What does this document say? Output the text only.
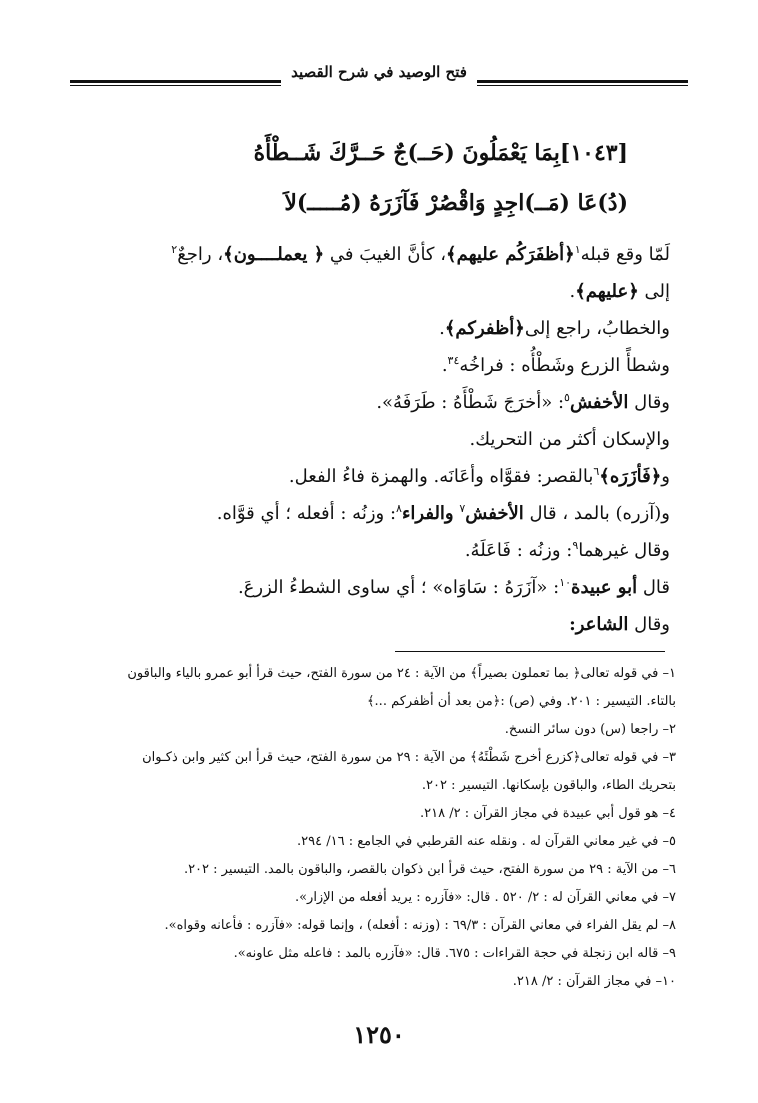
فتح الوصيد في شرح القصيد
[١٠٤٣]بِمَا يَعْمَلُونَ (حَــ)جٌ حَــرَّكَ شَــطْأَهُ
(دُ)عَا (مَــ)اجِدٍ وَاقْصُرْ فَآزَرَهُ (مُـــــ)لاَ
لَمّا وقع قبله$^١$﴿أظفَرَكُم عليهم﴾، كأنَّ الغيبَ في ﴿ يعملــــون﴾، راجعٌ$^٢$
إلى ﴿عليهم﴾.
والخطابُ، راجع إلى﴿أظفركم﴾.
وشطأً الزرع وشَطْأُه : فراخُه$^{٣٤}$.
وقال الأخفش$^٥$: «أخرَجَ شَطْأَهُ : طَرَفَهُ».
والإسكان أكثر من التحريك.
و﴿فَأزَرَه﴾$^٦$بالقصر: فقوَّاه وأعَانَه. والهمزة فاءُ الفعل.
و(آزره) بالمد ، قال الأخفش$^٧$ والفراء$^٨$: وزنُه : أفعله ؛ أي قوَّاه.
وقال غيرهما$^٩$: وزنُه : فَاعَلَهُ.
قال أبو عبيدة$^{١٠}$: «آزَرَهُ : سَاوَاه» ؛ أي ساوى الشطءُ الزرعَ.
وقال الشاعر:
١– في قوله تعالى﴿ بما تعملون بصيراً﴾ من الآية : ٢٤ من سورة الفتح، حيث قرأ أبو عمرو بالياء والباقون
بالتاء. التيسير : ٢٠١. وفي (ص) :﴿من بعد أن أظفركم ...﴾
٢– راجعا (س) دون سائر النسخ.
٣– في قوله تعالى﴿كزرع أخرج شَطْئَهُ﴾ من الآية : ٢٩ من سورة الفتح، حيث قرأ ابن كثير وابن ذكـوان
بتحريك الطاء، والباقون بإسكانها. التيسير : ٢٠٢.
٤– هو قول أبي عبيدة في مجاز القرآن : ٢/ ٢١٨.
٥– في غير معاني القرآن له . ونقله عنه القرطبي في الجامع : ١٦/ ٢٩٤.
٦– من الآية : ٢٩ من سورة الفتح، حيث قرأ ابن ذكوان بالقصر، والباقون بالمد. التيسير : ٢٠٢.
٧– في معاني القرآن له : ٢/ ٥٢٠ . قال: «فآزره : يريد أفعله من الإزار».
٨– لم يقل الفراء في معاني القرآن : ٦٩/٣ : (وزنه : أفعله) ، وإنما قوله: «فآزره : فأعانه وقواه».
٩– قاله ابن زنجلة في حجة القراءات : ٦٧٥. قال: «فآزره بالمد : فاعله مثل عاونه».
١٠– في مجاز القرآن : ٢/ ٢١٨.
١٢٥٠
